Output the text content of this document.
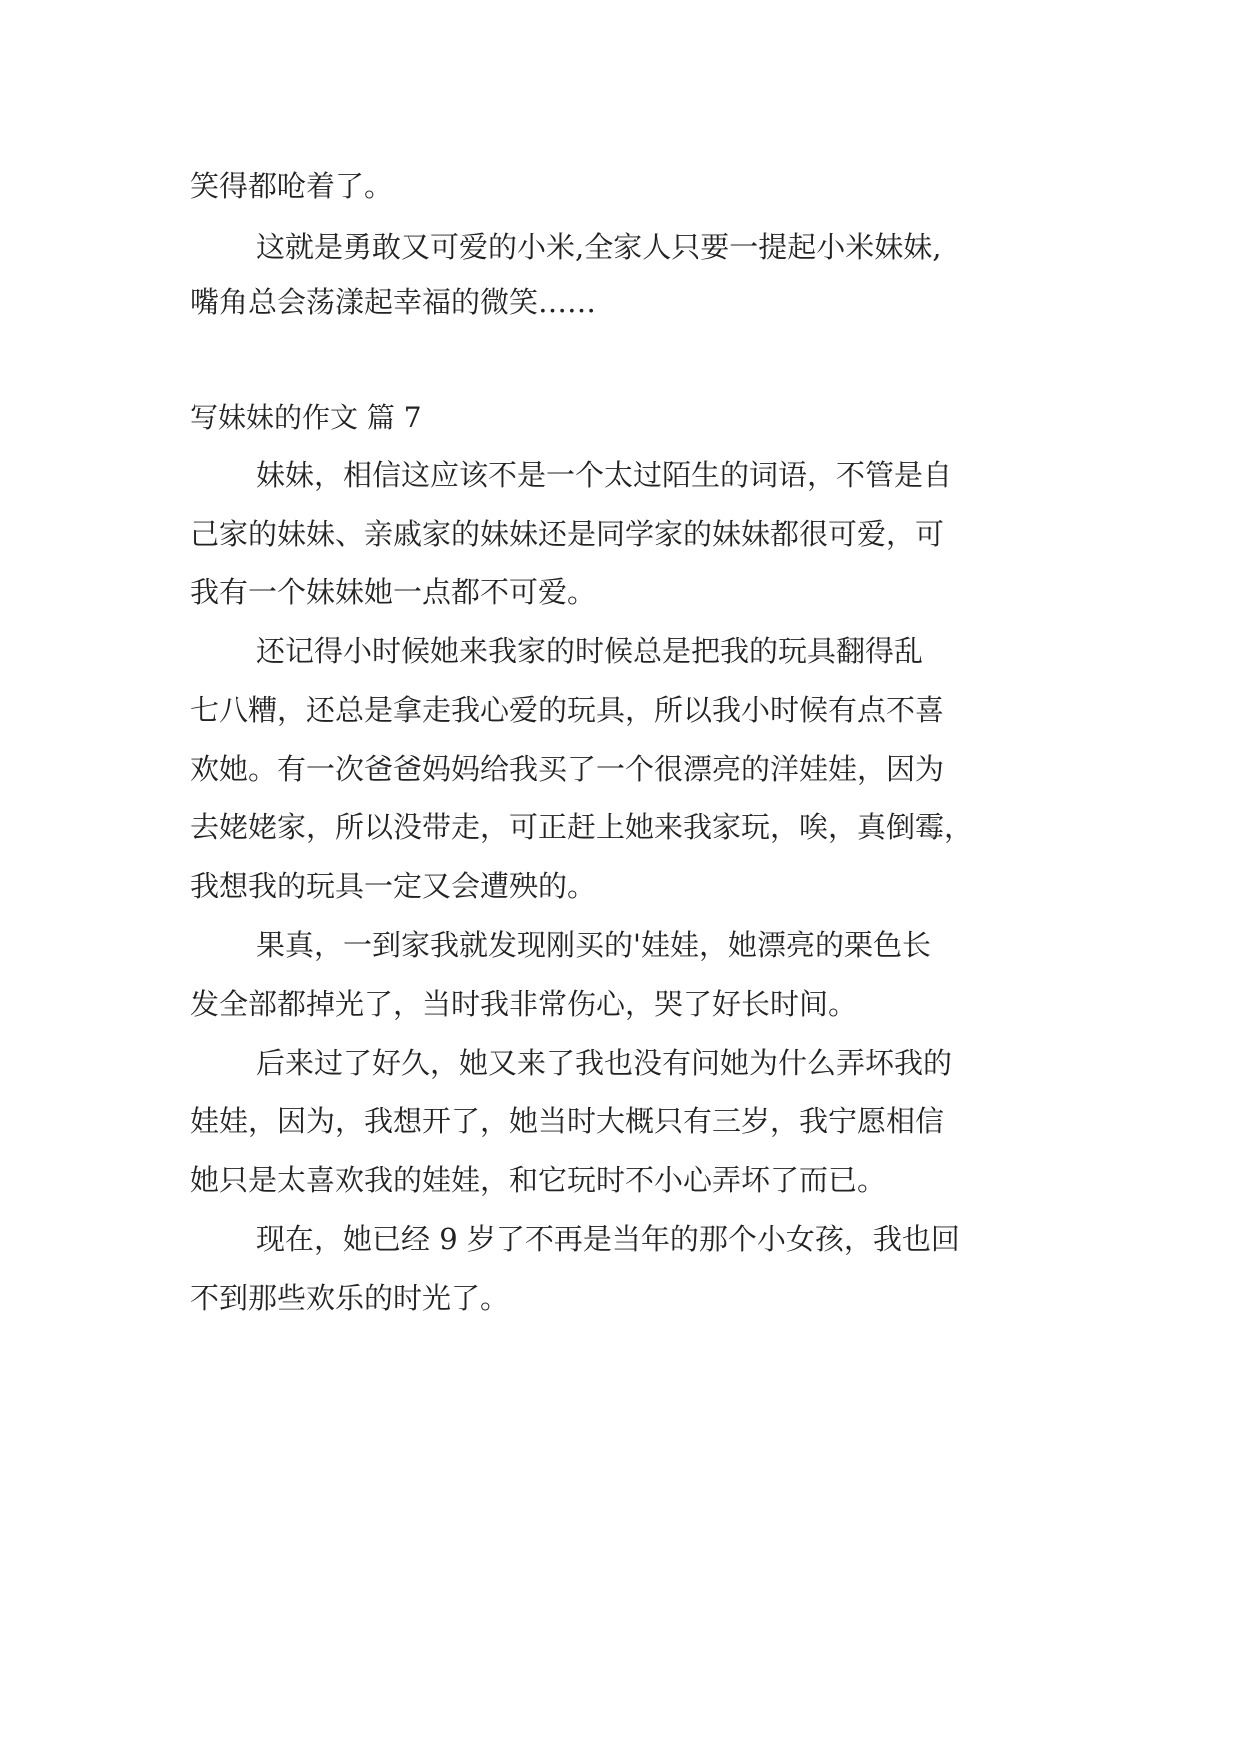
笑得都呛着了。
这就是勇敢又可爱的小米,全家人只要一提起小米妹妹,
嘴角总会荡漾起幸福的微笑……
写妹妹的作文 篇 7
妹妹，相信这应该不是一个太过陌生的词语，不管是自
己家的妹妹、亲戚家的妹妹还是同学家的妹妹都很可爱，可
我有一个妹妹她一点都不可爱。
还记得小时候她来我家的时候总是把我的玩具翻得乱
七八糟，还总是拿走我心爱的玩具，所以我小时候有点不喜
欢她。有一次爸爸妈妈给我买了一个很漂亮的洋娃娃，因为
去姥姥家，所以没带走，可正赶上她来我家玩，唉，真倒霉，
我想我的玩具一定又会遭殃的。
果真，一到家我就发现刚买的'娃娃，她漂亮的栗色长
发全部都掉光了，当时我非常伤心，哭了好长时间。
后来过了好久，她又来了我也没有问她为什么弄坏我的
娃娃，因为，我想开了，她当时大概只有三岁，我宁愿相信
她只是太喜欢我的娃娃，和它玩时不小心弄坏了而已。
现在，她已经 9 岁了不再是当年的那个小女孩，我也回
不到那些欢乐的时光了。
